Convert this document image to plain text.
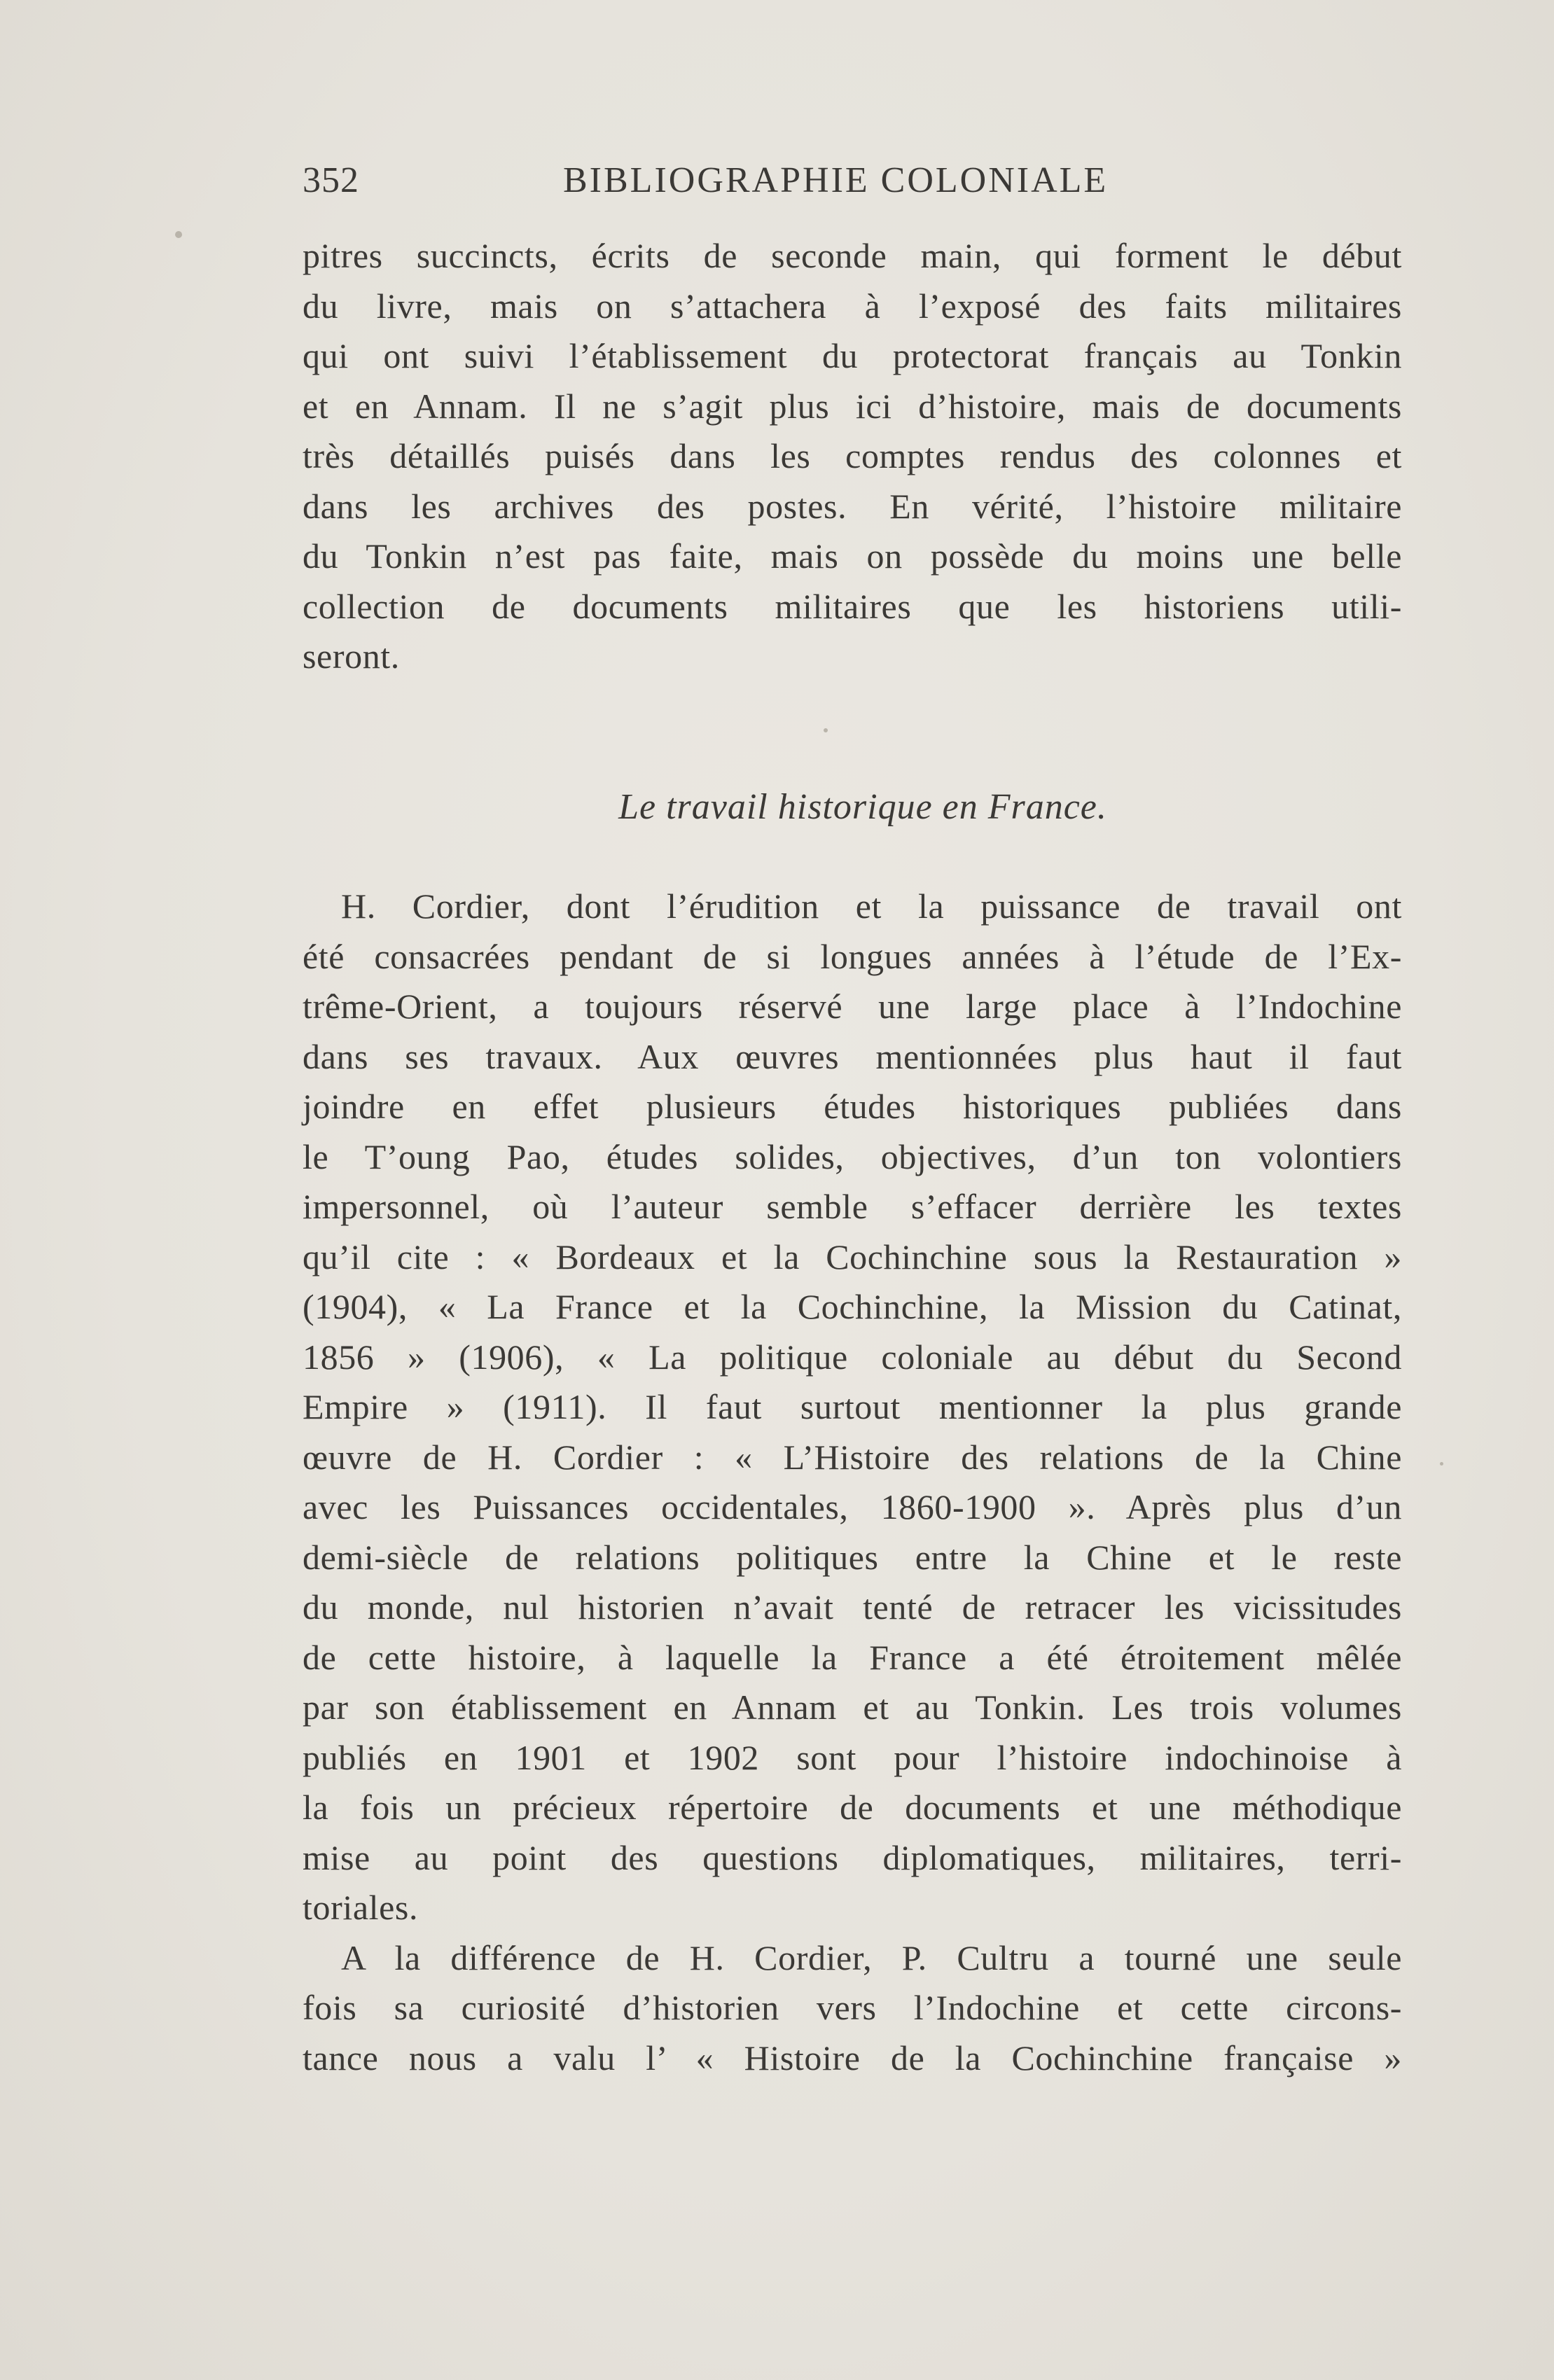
352	BIBLIOGRAPHIE COLONIALE
pitres succincts, écrits de seconde main, qui forment le début
du livre, mais on s’attachera à l’exposé des faits militaires
qui ont suivi l’établissement du protectorat français au Tonkin
et en Annam. Il ne s’agit plus ici d’histoire, mais de documents
très détaillés puisés dans les comptes rendus des colonnes et
dans les archives des postes. En vérité, l’histoire militaire
du Tonkin n’est pas faite, mais on possède du moins une belle
collection de documents militaires que les historiens utili-
seront.
Le travail historique en France.
H. Cordier, dont l’érudition et la puissance de travail ont
été consacrées pendant de si longues années à l’étude de l’Ex-
trême-Orient, a toujours réservé une large place à l’Indochine
dans ses travaux. Aux œuvres mentionnées plus haut il faut
joindre en effet plusieurs études historiques publiées dans
le T’oung Pao, études solides, objectives, d’un ton volontiers
impersonnel, où l’auteur semble s’effacer derrière les textes
qu’il cite : « Bordeaux et la Cochinchine sous la Restauration »
(1904), « La France et la Cochinchine, la Mission du Catinat,
1856 » (1906), « La politique coloniale au début du Second
Empire » (1911). Il faut surtout mentionner la plus grande
œuvre de H. Cordier : « L’Histoire des relations de la Chine
avec les Puissances occidentales, 1860-1900 ». Après plus d’un
demi-siècle de relations politiques entre la Chine et le reste
du monde, nul historien n’avait tenté de retracer les vicissitudes
de cette histoire, à laquelle la France a été étroitement mêlée
par son établissement en Annam et au Tonkin. Les trois volumes
publiés en 1901 et 1902 sont pour l’histoire indochinoise à
la fois un précieux répertoire de documents et une méthodique
mise au point des questions diplomatiques, militaires, terri-
toriales.
A la différence de H. Cordier, P. Cultru a tourné une seule
fois sa curiosité d’historien vers l’Indochine et cette circons-
tance nous a valu l’ « Histoire de la Cochinchine française »
